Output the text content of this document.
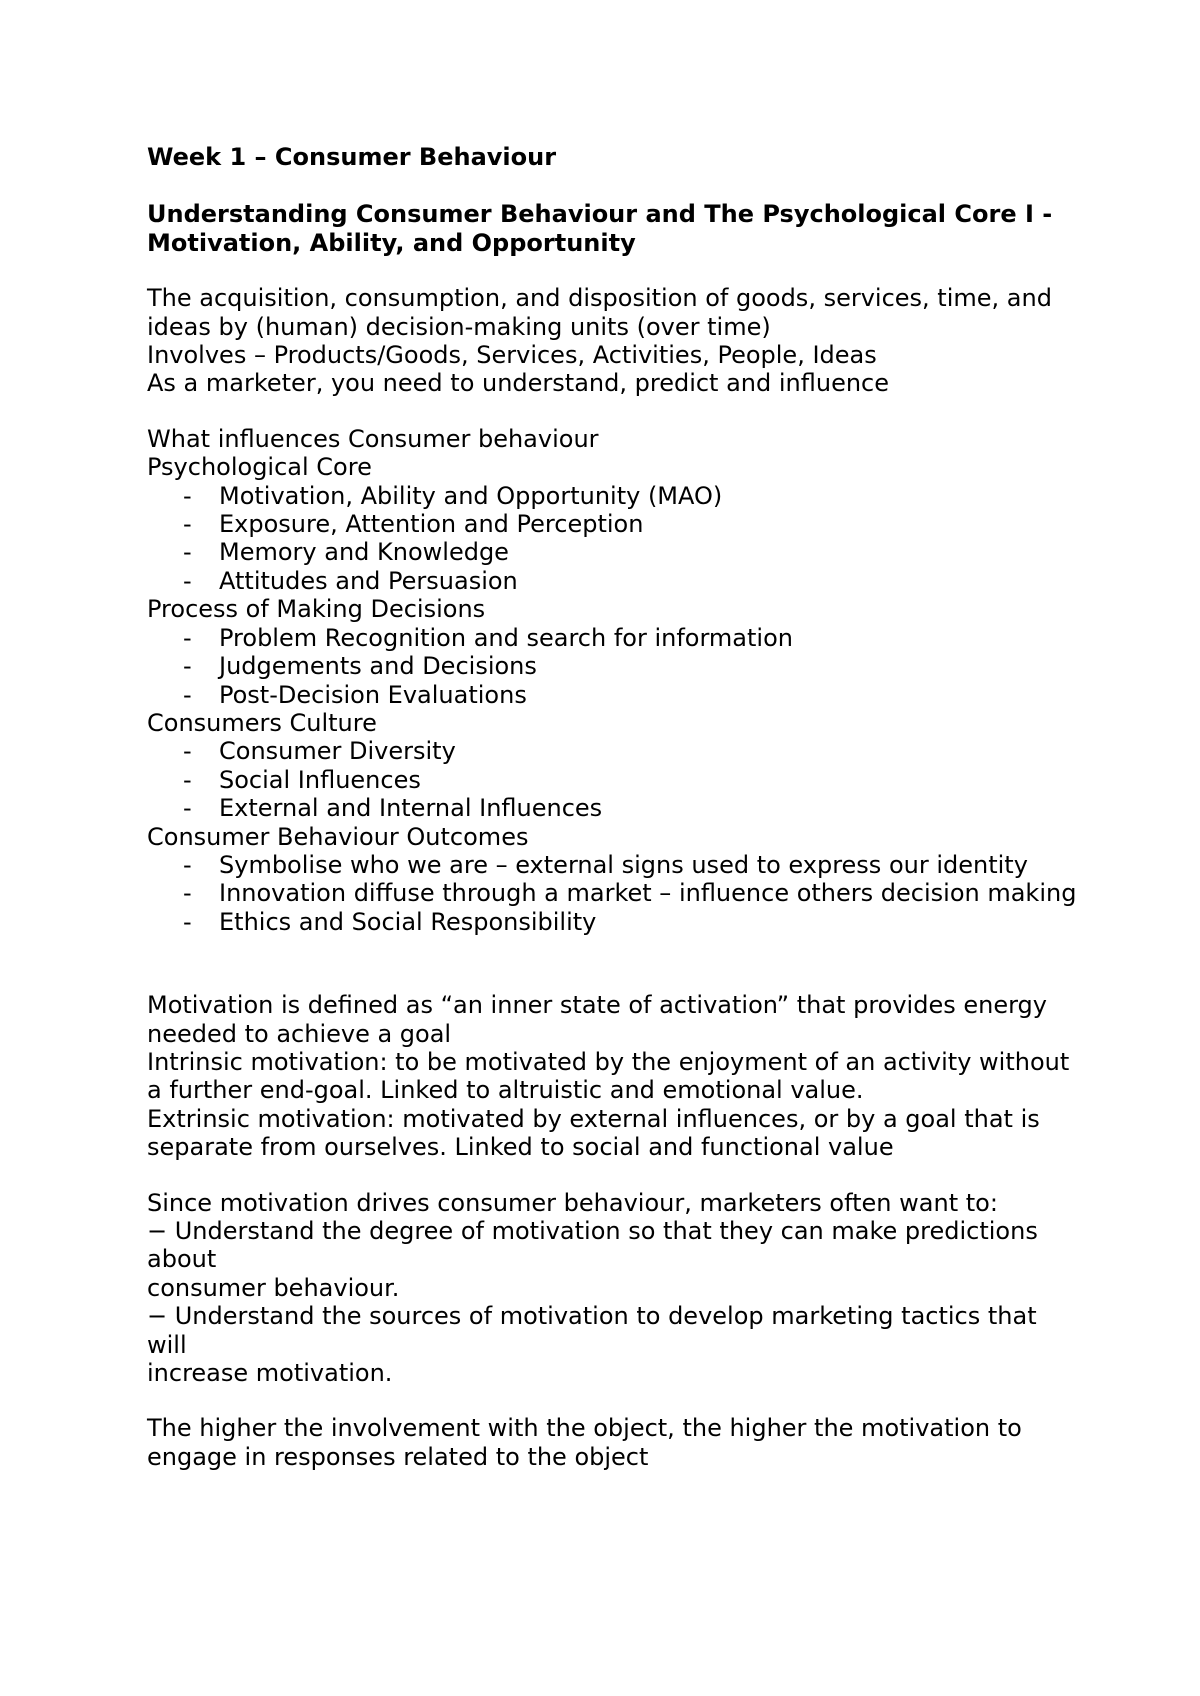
Week 1 – Consumer Behaviour

Understanding Consumer Behaviour and The Psychological Core I - Motivation, Ability, and Opportunity

The acquisition, consumption, and disposition of goods, services, time, and ideas by (human) decision-making units (over time)

Involves – Products/Goods, Services, Activities, People, Ideas

As a marketer, you need to understand, predict and influence

What influences Consumer behaviour

Psychological Core

- Motivation, Ability and Opportunity (MAO)
- Exposure, Attention and Perception
- Memory and Knowledge
- Attitudes and Persuasion

Process of Making Decisions

- Problem Recognition and search for information
- Judgements and Decisions
- Post-Decision Evaluations

Consumers Culture

- Consumer Diversity
- Social Influences
- External and Internal Influences

Consumer Behaviour Outcomes

- Symbolise who we are – external signs used to express our identity
- Innovation diffuse through a market – influence others decision making
- Ethics and Social Responsibility

Motivation is defined as “an inner state of activation” that provides energy needed to achieve a goal

Intrinsic motivation: to be motivated by the enjoyment of an activity without a further end-goal. Linked to altruistic and emotional value.

Extrinsic motivation: motivated by external influences, or by a goal that is separate from ourselves. Linked to social and functional value

Since motivation drives consumer behaviour, marketers often want to:

− Understand the degree of motivation so that they can make predictions about

consumer behaviour.

− Understand the sources of motivation to develop marketing tactics that will

increase motivation.

The higher the involvement with the object, the higher the motivation to engage in responses related to the object
